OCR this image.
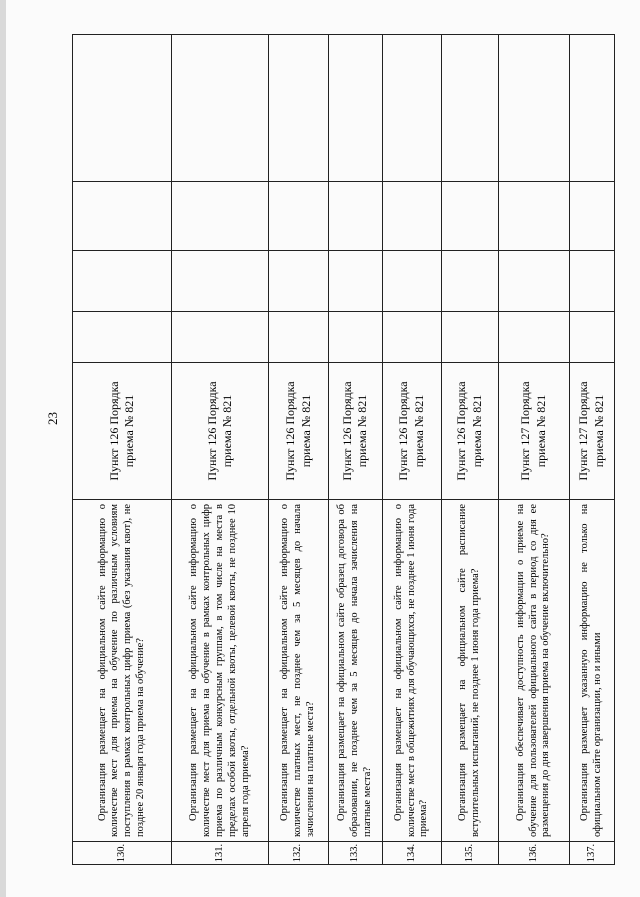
23
130.	Организация размещает на официальном сайте информацию о количестве мест для приема на обучение по различным условиям поступления в рамках контрольных цифр приема (без указания квот), не позднее 20 января года приема на обучение?	Пункт 126 Порядка приема № 821				
131.	Организация размещает на официальном сайте информацию о количестве мест для приема на обучение в рамках контрольных цифр приема по различным конкурсным группам, в том числе на места в пределах особой квоты, отдельной квоты, целевой квоты, не позднее 10 апреля года приема?	Пункт 126 Порядка приема № 821				
132.	Организация размещает на официальном сайте информацию о количестве платных мест, не позднее чем за 5 месяцев до начала зачисления на платные места?	Пункт 126 Порядка приема № 821				
133.	Организация размещает на официальном сайте образец договора об образовании, не позднее чем за 5 месяцев до начала зачисления на платные места?	Пункт 126 Порядка приема № 821				
134.	Организация размещает на официальном сайте информацию о количестве мест в общежитиях для обучающихся, не позднее 1 июня года приема?	Пункт 126 Порядка приема № 821				
135.	Организация размещает на официальном сайте расписание вступительных испытаний, не позднее 1 июня года приема?	Пункт 126 Порядка приема № 821				
136.	Организация обеспечивает доступность информации о приеме на обучение для пользователей официального сайта в период со дня ее размещения до дня завершения приема на обучение включительно?	Пункт 127 Порядка приема № 821				
137.	Организация размещает указанную информацию не только на официальном сайте организации, но и иными	Пункт 127 Порядка приема № 821				
